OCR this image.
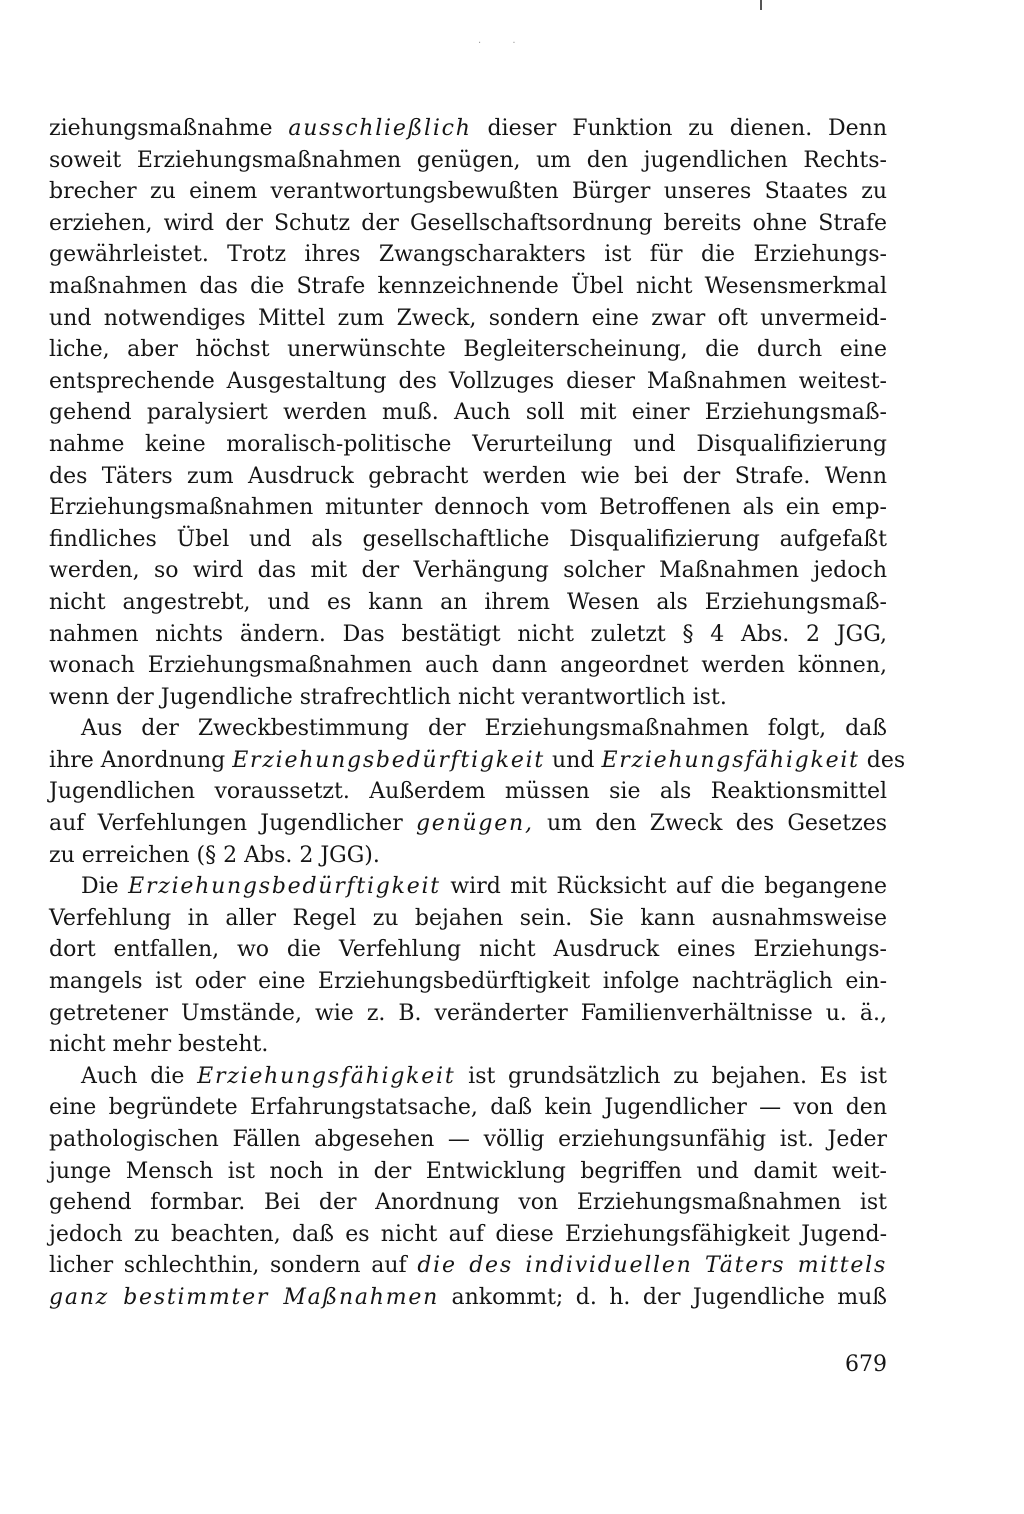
· ·
ziehungsmaßnahme ausschließlich dieser Funktion zu dienen. Denn
soweit Erziehungsmaßnahmen genügen, um den jugendlichen Rechts-
brecher zu einem verantwortungsbewußten Bürger unseres Staates zu
erziehen, wird der Schutz der Gesellschaftsordnung bereits ohne Strafe
gewährleistet. Trotz ihres Zwangscharakters ist für die Erziehungs-
maßnahmen das die Strafe kennzeichnende Übel nicht Wesensmerkmal
und notwendiges Mittel zum Zweck, sondern eine zwar oft unvermeid-
liche, aber höchst unerwünschte Begleiterscheinung, die durch eine
entsprechende Ausgestaltung des Vollzuges dieser Maßnahmen weitest-
gehend paralysiert werden muß. Auch soll mit einer Erziehungsmaß-
nahme keine moralisch-politische Verurteilung und Disqualifizierung
des Täters zum Ausdruck gebracht werden wie bei der Strafe. Wenn
Erziehungsmaßnahmen mitunter dennoch vom Betroffenen als ein emp-
findliches Übel und als gesellschaftliche Disqualifizierung aufgefaßt
werden, so wird das mit der Verhängung solcher Maßnahmen jedoch
nicht angestrebt, und es kann an ihrem Wesen als Erziehungsmaß-
nahmen nichts ändern. Das bestätigt nicht zuletzt § 4 Abs. 2 JGG,
wonach Erziehungsmaßnahmen auch dann angeordnet werden können,
wenn der Jugendliche strafrechtlich nicht verantwortlich ist.
Aus der Zweckbestimmung der Erziehungsmaßnahmen folgt, daß
ihre Anordnung Erziehungsbedürftigkeit und Erziehungsfähigkeit des
Jugendlichen voraussetzt. Außerdem müssen sie als Reaktionsmittel
auf Verfehlungen Jugendlicher genügen, um den Zweck des Gesetzes
zu erreichen (§ 2 Abs. 2 JGG).
Die Erziehungsbedürftigkeit wird mit Rücksicht auf die begangene
Verfehlung in aller Regel zu bejahen sein. Sie kann ausnahmsweise
dort entfallen, wo die Verfehlung nicht Ausdruck eines Erziehungs-
mangels ist oder eine Erziehungsbedürftigkeit infolge nachträglich ein-
getretener Umstände, wie z. B. veränderter Familienverhältnisse u. ä.,
nicht mehr besteht.
Auch die Erziehungsfähigkeit ist grundsätzlich zu bejahen. Es ist
eine begründete Erfahrungstatsache, daß kein Jugendlicher — von den
pathologischen Fällen abgesehen — völlig erziehungsunfähig ist. Jeder
junge Mensch ist noch in der Entwicklung begriffen und damit weit-
gehend formbar. Bei der Anordnung von Erziehungsmaßnahmen ist
jedoch zu beachten, daß es nicht auf diese Erziehungsfähigkeit Jugend-
licher schlechthin, sondern auf die des individuellen Täters mittels
ganz bestimmter Maßnahmen ankommt; d. h. der Jugendliche muß
679
